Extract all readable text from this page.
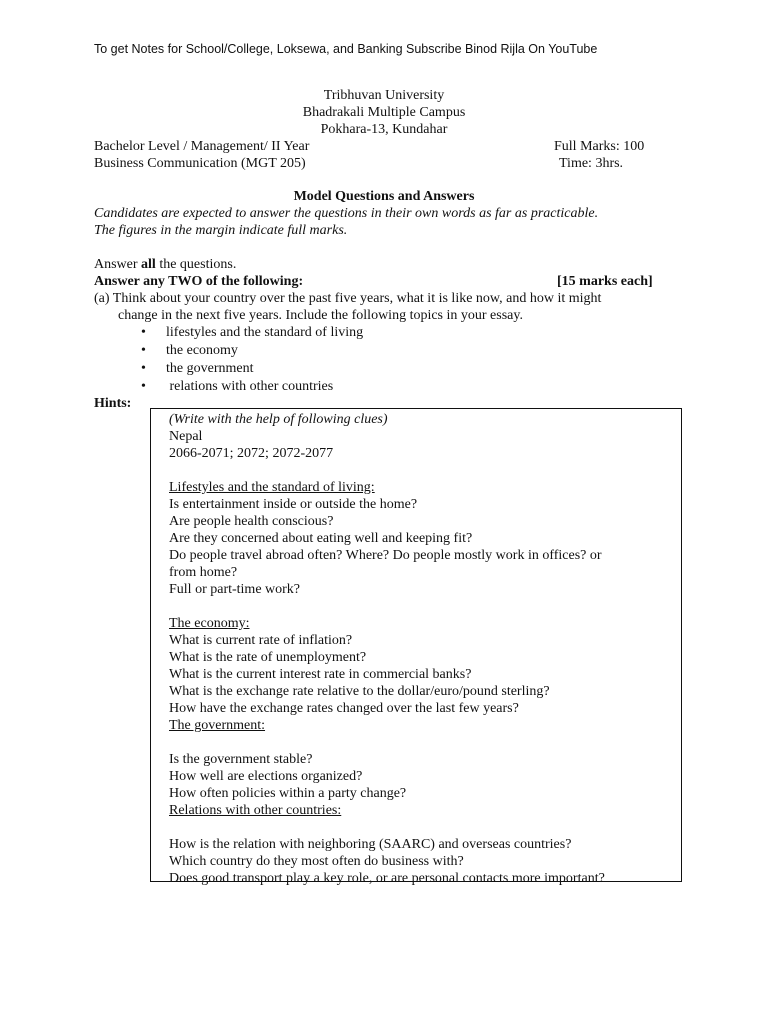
To get Notes for School/College, Loksewa, and Banking Subscribe Binod Rijla On YouTube
Tribhuvan University
Bhadrakali Multiple Campus
Pokhara-13, Kundahar
Bachelor Level / Management/ II Year	Full Marks: 100
Business Communication (MGT 205)	Time: 3hrs.
Model Questions and Answers
Candidates are expected to answer the questions in their own words as far as practicable.
The figures in the margin indicate full marks.
Answer all the questions.
Answer any TWO of the following:	[15 marks each]
(a) Think about your country over the past five years, what it is like now, and how it might
change in the next five years. Include the following topics in your essay.
• lifestyles and the standard of living
• the economy
• the government
• relations with other countries
Hints:
(Write with the help of following clues)
Nepal
2066-2071; 2072; 2072-2077
Lifestyles and the standard of living:
Is entertainment inside or outside the home?
Are people health conscious?
Are they concerned about eating well and keeping fit?
Do people travel abroad often? Where? Do people mostly work in offices? or
from home?
Full or part-time work?
The economy:
What is current rate of inflation?
What is the rate of unemployment?
What is the current interest rate in commercial banks?
What is the exchange rate relative to the dollar/euro/pound sterling?
How have the exchange rates changed over the last few years?
The government:
Is the government stable?
How well are elections organized?
How often policies within a party change?
Relations with other countries:
How is the relation with neighboring (SAARC) and overseas countries?
Which country do they most often do business with?
Does good transport play a key role, or are personal contacts more important?
